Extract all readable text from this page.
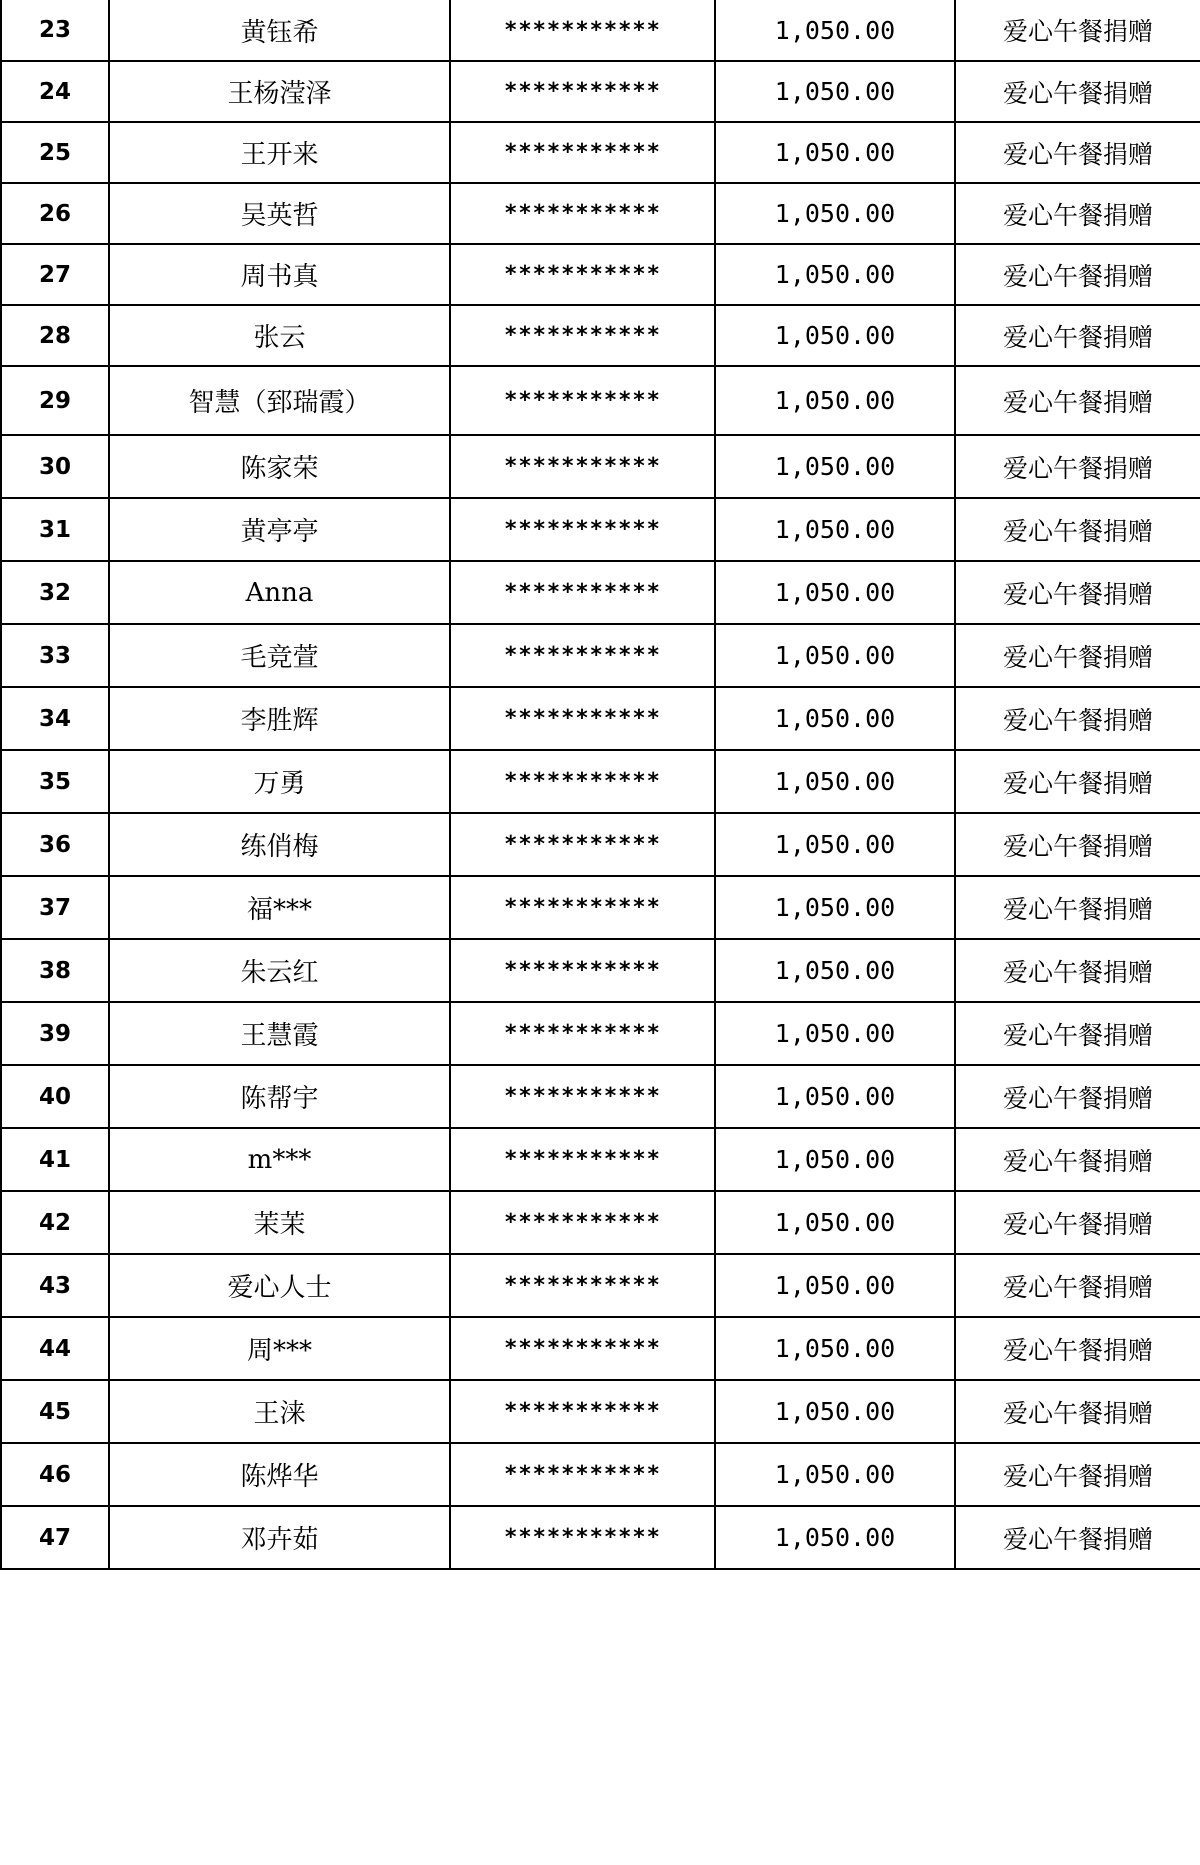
23	黄钰希	***********	1,050.00	爱心午餐捐赠
24	王杨滢泽	***********	1,050.00	爱心午餐捐赠
25	王开来	***********	1,050.00	爱心午餐捐赠
26	吴英哲	***********	1,050.00	爱心午餐捐赠
27	周书真	***********	1,050.00	爱心午餐捐赠
28	张云	***********	1,050.00	爱心午餐捐赠
29	智慧（郅瑞霞）	***********	1,050.00	爱心午餐捐赠
30	陈家荣	***********	1,050.00	爱心午餐捐赠
31	黄亭亭	***********	1,050.00	爱心午餐捐赠
32	Anna	***********	1,050.00	爱心午餐捐赠
33	毛竞萱	***********	1,050.00	爱心午餐捐赠
34	李胜辉	***********	1,050.00	爱心午餐捐赠
35	万勇	***********	1,050.00	爱心午餐捐赠
36	练俏梅	***********	1,050.00	爱心午餐捐赠
37	福***	***********	1,050.00	爱心午餐捐赠
38	朱云红	***********	1,050.00	爱心午餐捐赠
39	王慧霞	***********	1,050.00	爱心午餐捐赠
40	陈帮宇	***********	1,050.00	爱心午餐捐赠
41	m***	***********	1,050.00	爱心午餐捐赠
42	茉茉	***********	1,050.00	爱心午餐捐赠
43	爱心人士	***********	1,050.00	爱心午餐捐赠
44	周***	***********	1,050.00	爱心午餐捐赠
45	王涞	***********	1,050.00	爱心午餐捐赠
46	陈烨华	***********	1,050.00	爱心午餐捐赠
47	邓卉茹	***********	1,050.00	爱心午餐捐赠
